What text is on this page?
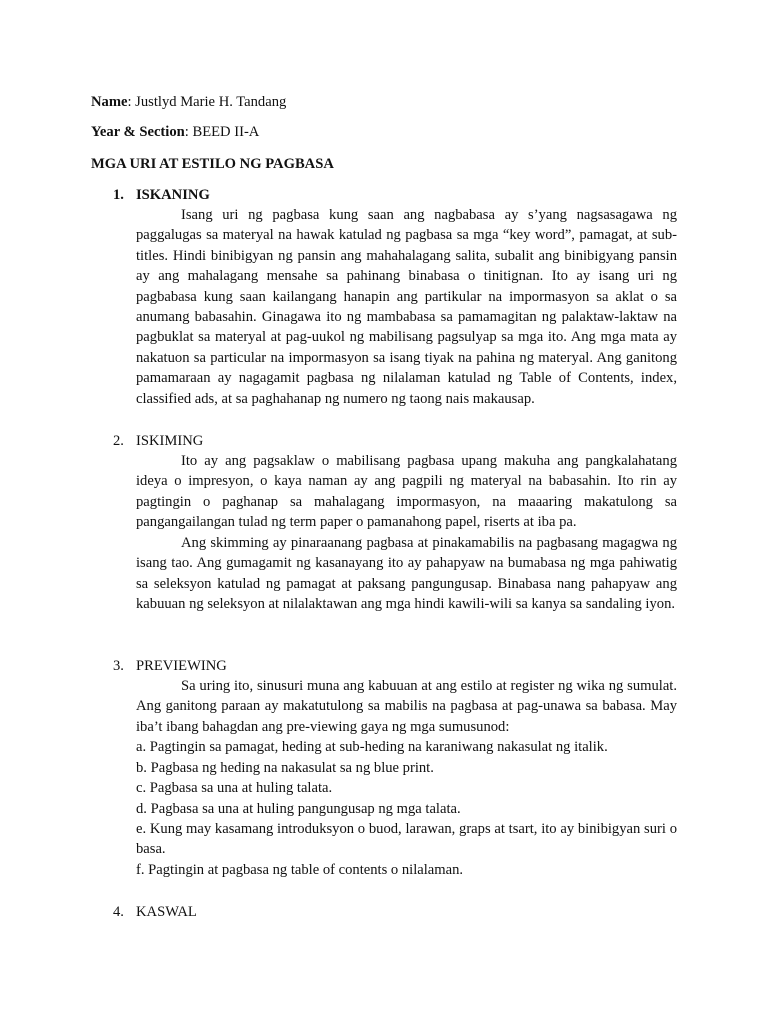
Name: Justlyd Marie H. Tandang
Year & Section: BEED II-A
MGA URI AT ESTILO NG PAGBASA
1. ISKANING

Isang uri ng pagbasa kung saan ang nagbabasa ay s’yang nagsasagawa ng paggalugas sa materyal na hawak katulad ng pagbasa sa mga “key word”, pamagat, at sub-titles. Hindi binibigyan ng pansin ang mahahalagang salita, subalit ang binibigyang pansin ay ang mahalagang mensahe sa pahinang binabasa o tinitignan. Ito ay isang uri ng pagbabasa kung saan kailangang hanapin ang partikular na impormasyon sa aklat o sa anumang babasahin. Ginagawa ito ng mambabasa sa pamamagitan ng palaktaw-laktaw na pagbuklat sa materyal at pag-uukol ng mabilisang pagsulyap sa mga ito. Ang mga mata ay nakatuon sa particular na impormasyon sa isang tiyak na pahina ng materyal. Ang ganitong pamamaraan ay nagagamit pagbasa ng nilalaman katulad ng Table of Contents, index, classified ads, at sa paghahanap ng numero ng taong nais makausap.

2. ISKIMING

Ito ay ang pagsaklaw o mabilisang pagbasa upang makuha ang pangkalahatang ideya o impresyon, o kaya naman ay ang pagpili ng materyal na babasahin. Ito rin ay pagtingin o paghanap sa mahalagang impormasyon, na maaaring makatulong sa pangangailangan tulad ng term paper o pamanahong papel, riserts at iba pa.

Ang skimming ay pinaraanang pagbasa at pinakamabilis na pagbasang magagwa ng isang tao. Ang gumagamit ng kasanayang ito ay pahapyaw na bumabasa ng mga pahiwatig sa seleksyon katulad ng pamagat at paksang pangungusap. Binabasa nang pahapyaw ang kabuuan ng seleksyon at nilalaktawan ang mga hindi kawili-wili sa kanya sa sandaling iyon.

3. PREVIEWING

Sa uring ito, sinusuri muna ang kabuuan at ang estilo at register ng wika ng sumulat. Ang ganitong paraan ay makatutulong sa mabilis na pagbasa at pag-unawa sa babasa. May iba’t ibang bahagdan ang pre-viewing gaya ng mga sumusunod:

a. Pagtingin sa pamagat, heding at sub-heding na karaniwang nakasulat ng italik.

b. Pagbasa ng heding na nakasulat sa ng blue print.

c. Pagbasa sa una at huling talata.

d. Pagbasa sa una at huling pangungusap ng mga talata.

e. Kung may kasamang introduksyon o buod, larawan, graps at tsart, ito ay binibigyan suri o basa.

f. Pagtingin at pagbasa ng table of contents o nilalaman.

4. KASWAL
